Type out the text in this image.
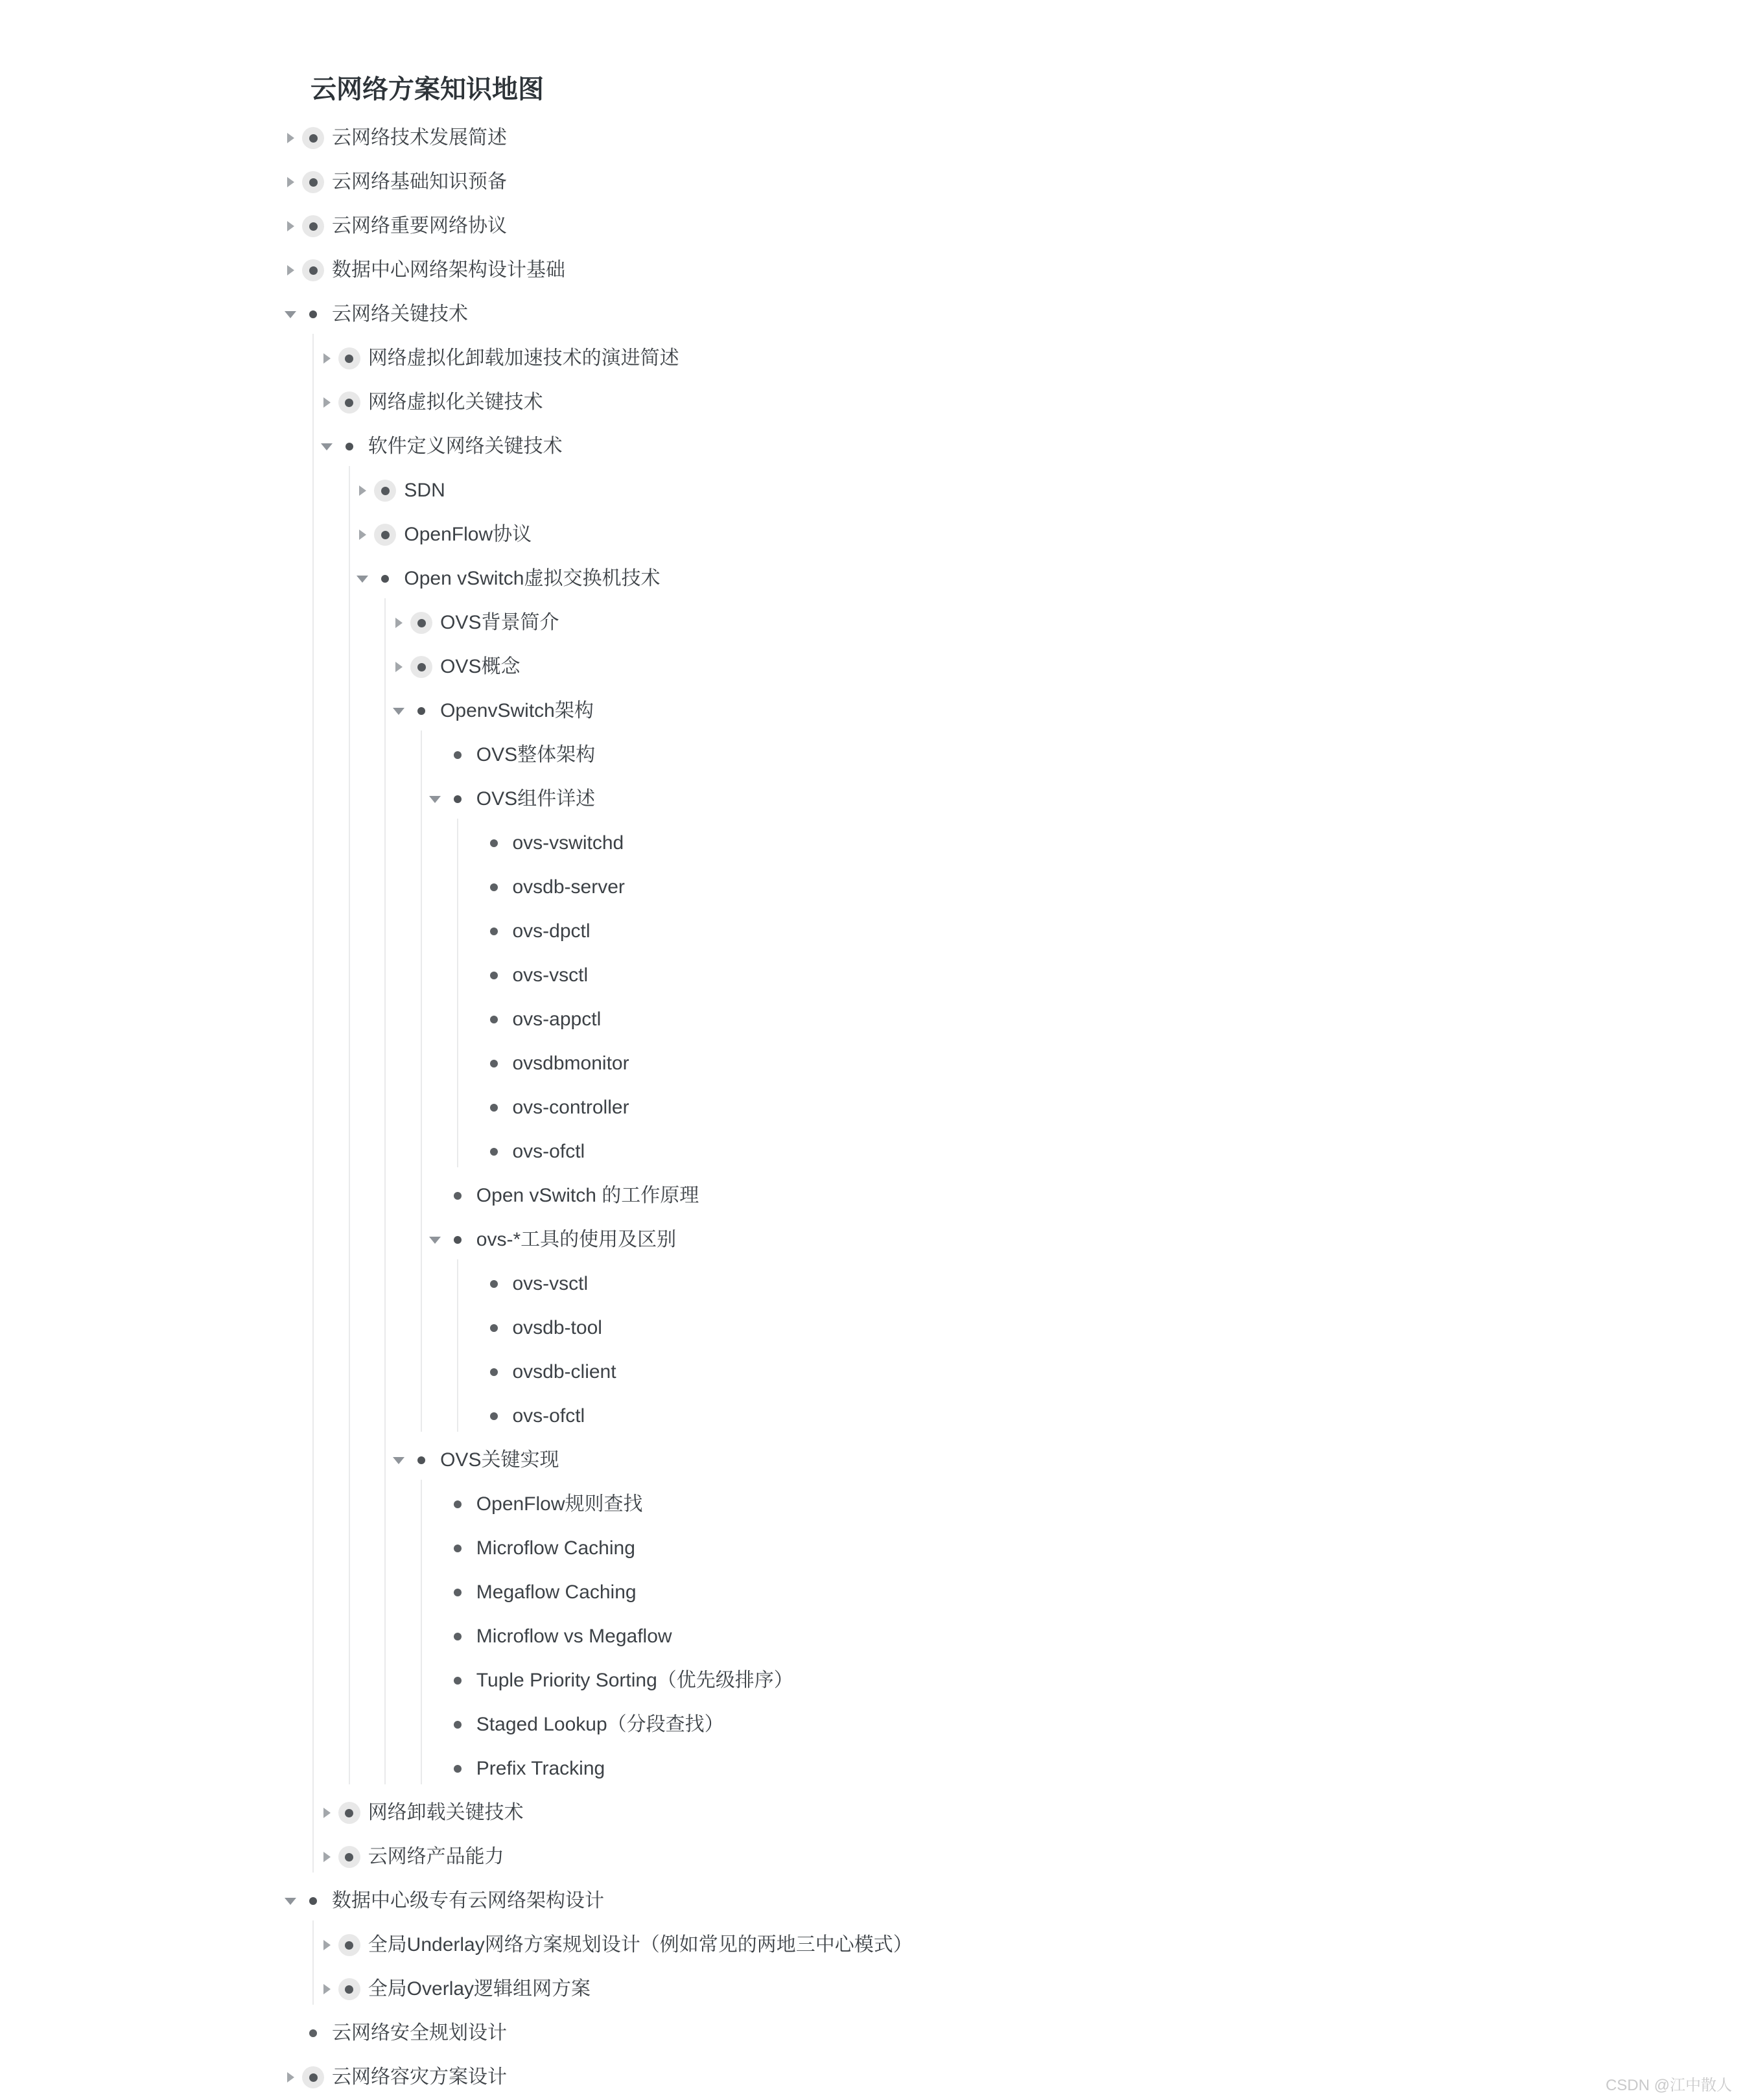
云网络方案知识地图
云网络技术发展简述
云网络基础知识预备
云网络重要网络协议
数据中心网络架构设计基础
云网络关键技术
网络虚拟化卸载加速技术的演进简述
网络虚拟化关键技术
软件定义网络关键技术
SDN
OpenFlow协议
Open vSwitch虚拟交换机技术
OVS背景简介
OVS概念
OpenvSwitch架构
OVS整体架构
OVS组件详述
ovs-vswitchd
ovsdb-server
ovs-dpctl
ovs-vsctl
ovs-appctl
ovsdbmonitor
ovs-controller
ovs-ofctl
Open vSwitch 的工作原理
ovs-*工具的使用及区别
ovs-vsctl
ovsdb-tool
ovsdb-client
ovs-ofctl
OVS关键实现
OpenFlow规则查找
Microflow Caching
Megaflow Caching
Microflow vs Megaflow
Tuple Priority Sorting（优先级排序）
Staged Lookup（分段查找）
Prefix Tracking
网络卸载关键技术
云网络产品能力
数据中心级专有云网络架构设计
全局Underlay网络方案规划设计（例如常见的两地三中心模式）
全局Overlay逻辑组网方案
云网络安全规划设计
云网络容灾方案设计	CSDN @江中散人
